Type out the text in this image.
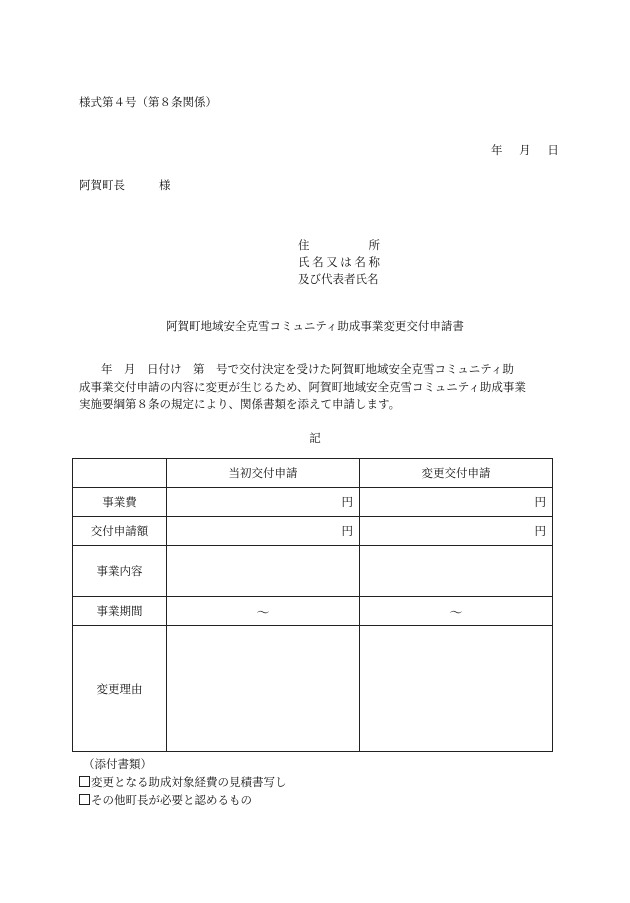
様式第４号（第８条関係）
年 月 日
阿賀町長	様
住所
氏名又は名称
及び代表者氏名
阿賀町地域安全克雪コミュニティ助成事業変更交付申請書

年　月　日付け　第　号で交付決定を受けた阿賀町地域安全克雪コミュニティ助

成事業交付申請の内容に変更が生じるため、阿賀町地域安全克雪コミュニティ助成事業

実施要綱第８条の規定により、関係書類を添えて申請します。

記
	当初交付申請	変更交付申請
事業費	円	円
交付申請額	円	円
事業内容		
事業期間	～	～
変更理由		
（添付書類）
変更となる助成対象経費の見積書写し
その他町長が必要と認めるもの
